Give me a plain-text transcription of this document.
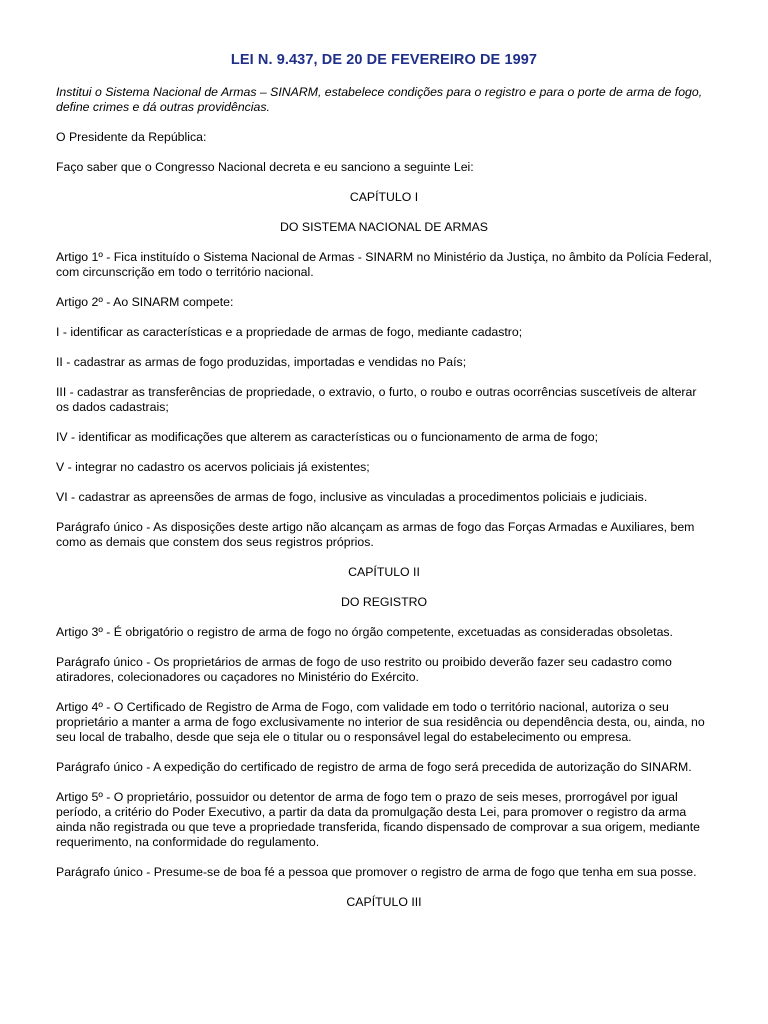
LEI N. 9.437, DE 20 DE FEVEREIRO DE 1997
Institui o Sistema Nacional de Armas – SINARM, estabelece condições para o registro e para o porte de arma de fogo, define crimes e dá outras providências.
O Presidente da República:
Faço saber que o Congresso Nacional decreta e eu sanciono a seguinte Lei:
CAPÍTULO I
DO SISTEMA NACIONAL DE ARMAS
Artigo 1º - Fica instituído o Sistema Nacional de Armas - SINARM no Ministério da Justiça, no âmbito da Polícia Federal, com circunscrição em todo o território nacional.
Artigo 2º - Ao SINARM compete:
I - identificar as características e a propriedade de armas de fogo, mediante cadastro;
II - cadastrar as armas de fogo produzidas, importadas e vendidas no País;
III - cadastrar as transferências de propriedade, o extravio, o furto, o roubo e outras ocorrências suscetíveis de alterar os dados cadastrais;
IV - identificar as modificações que alterem as características ou o funcionamento de arma de fogo;
V - integrar no cadastro os acervos policiais já existentes;
VI - cadastrar as apreensões de armas de fogo, inclusive as vinculadas a procedimentos policiais e judiciais.
Parágrafo único - As disposições deste artigo não alcançam as armas de fogo das Forças Armadas e Auxiliares, bem como as demais que constem dos seus registros próprios.
CAPÍTULO II
DO REGISTRO
Artigo 3º - É obrigatório o registro de arma de fogo no órgão competente, excetuadas as consideradas obsoletas.
Parágrafo único - Os proprietários de armas de fogo de uso restrito ou proibido deverão fazer seu cadastro como atiradores, colecionadores ou caçadores no Ministério do Exército.
Artigo 4º - O Certificado de Registro de Arma de Fogo, com validade em todo o território nacional, autoriza o seu proprietário a manter a arma de fogo exclusivamente no interior de sua residência ou dependência desta, ou, ainda, no seu local de trabalho, desde que seja ele o titular ou o responsável legal do estabelecimento ou empresa.
Parágrafo único - A expedição do certificado de registro de arma de fogo será precedida de autorização do SINARM.
Artigo 5º - O proprietário, possuidor ou detentor de arma de fogo tem o prazo de seis meses, prorrogável por igual período, a critério do Poder Executivo, a partir da data da promulgação desta Lei, para promover o registro da arma ainda não registrada ou que teve a propriedade transferida, ficando dispensado de comprovar a sua origem, mediante requerimento, na conformidade do regulamento.
Parágrafo único - Presume-se de boa fé a pessoa que promover o registro de arma de fogo que tenha em sua posse.
CAPÍTULO III
